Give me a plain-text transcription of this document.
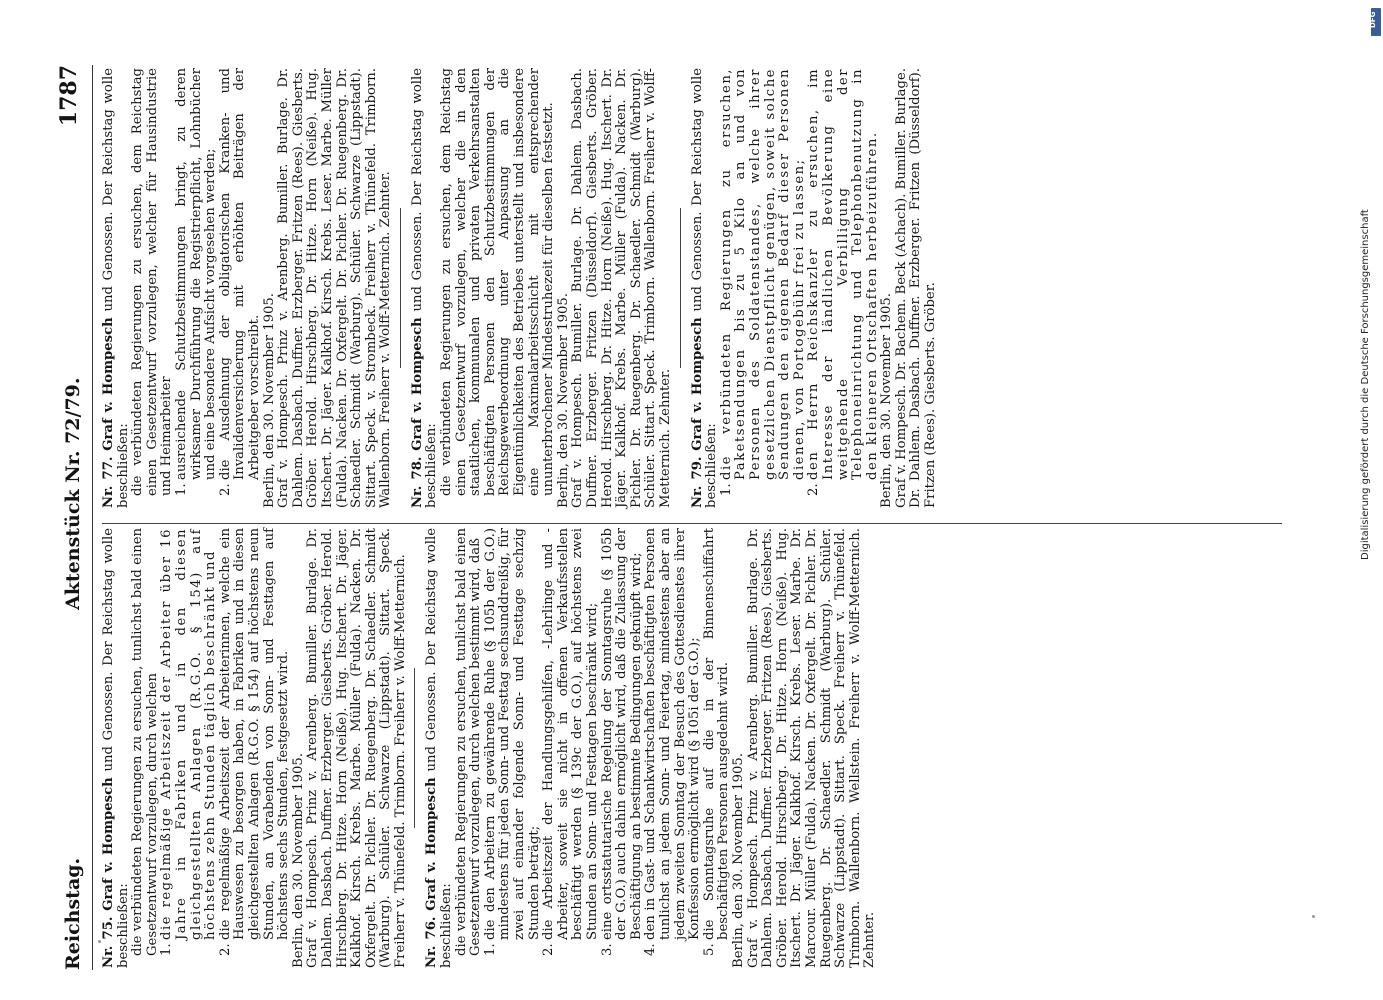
Reichstag.
Aktenstück Nr. 72/79.
1787

Nr. 75. Graf v. Hompesch und Genossen. Der Reichstag wolle beschließen: die verbündeten Regierungen zu ersuchen, tunlichst bald einen Gesetzentwurf vorzulegen, durch welchen 1.
die regelmäßige Arbeitszeit der Arbeiter über 16 Jahre in Fabriken und in den diesen gleichgestellten Anlagen (R.G.O. § 154) auf höchstens zehn Stunden täglich beschränkt und
2.
die regelmäßige Arbeitszeit der Arbeiterinnen, welche ein Hauswesen zu besorgen haben, in Fabriken und in diesen gleichgestellten Anlagen (R.G.O. § 154) auf höchstens neun Stunden, an Vorabenden von Sonn- und Festtagen auf höchstens sechs Stunden, festgesetzt wird. Berlin, den 30. November 1905. Graf v. Hompesch. Prinz v. Arenberg. Bumiller. Burlage. Dr. Dahlem. Dasbach. Duffner. Erzberger. Giesberts. Gröber. Herold. Hirschberg. Dr. Hitze. Horn (Neiße). Hug. Itschert. Dr. Jäger. Kalkhof. Kirsch. Krebs. Marbe. Müller (Fulda). Nacken. Dr. Oxfergelt. Dr. Pichler. Dr. Ruegenberg. Dr. Schaedler. Schmidt (Warburg). Schüler. Schwarze (Lippstadt). Sittart. Speck. Freiherr v. Thünefeld. Trimborn. Freiherr v. Wolff-Metternich. Nr. 76. Graf v. Hompesch und Genossen. Der Reichstag wolle beschließen: die verbündeten Regierungen zu ersuchen, tunlichst bald einen Gesetzentwurf vorzulegen, durch welchen bestimmt wird, daß 1.
die den Arbeitern zu gewährende Ruhe (§ 105b der G.O.) mindestens für jeden Sonn- und Festtag sechsunddreißig, für zwei auf einander folgende Sonn- und Festtage sechzig Stunden beträgt;
2.
die Arbeitszeit der Handlungsgehilfen, -Lehrlinge und -Arbeiter, soweit sie nicht in offenen Verkaufsstellen beschäftigt werden (§ 139c der G.O.), auf höchstens zwei Stunden an Sonn- und Festtagen beschränkt wird;
3.
eine ortsstatutarische Regelung der Sonntagsruhe (§ 105b der G.O.) auch dahin ermöglicht wird, daß die Zulassung der Beschäftigung an bestimmte Bedingungen geknüpft wird;
4.
den in Gast- und Schankwirtschaften beschäftigten Personen tunlichst an jedem Sonn- und Feiertag, mindestens aber an jedem zweiten Sonntag der Besuch des Gottesdienstes ihrer Konfession ermöglicht wird (§ 105i der G.O.);
5.
die Sonntagsruhe auf die in der Binnenschiffahrt beschäftigten Personen ausgedehnt wird. Berlin, den 30. November 1905. Graf v. Hompesch. Prinz v. Arenberg. Bumiller. Burlage. Dr. Dahlem. Dasbach. Duffner. Erzberger. Fritzen (Rees). Giesberts. Gröber. Herold. Hirschberg. Dr. Hitze. Horn (Neiße). Hug. Itschert. Dr. Jäger. Kalkhof. Kirsch. Krebs. Leser. Marbe. Dr. Marcour. Müller (Fulda). Nacken. Dr. Oxfergelt. Dr. Pichler. Dr. Ruegenberg. Dr. Schaedler. Schmidt (Warburg). Schüler. Schwarze (Lippstadt). Sittart. Speck. Freiherr v. Thünefeld. Trimborn. Wallenborn. Wellstein. Freiherr v. Wolff-Metternich. Zehnter.

Nr. 77. Graf v. Hompesch und Genossen. Der Reichstag wolle beschließen: die verbündeten Regierungen zu ersuchen, dem Reichstag einen Gesetzentwurf vorzulegen, welcher für Hausindustrie und Heimarbeiter 1.
ausreichende Schutzbestimmungen bringt, zu deren wirksamer Durchführung die Registrierpflicht, Lohnbücher und eine besondere Aufsicht vorgesehen werden;
2.
die Ausdehnung der obligatorischen Kranken- und Invalidenversicherung mit erhöhten Beiträgen der Arbeitgeber vorschreibt. Berlin, den 30. November 1905. Graf v. Hompesch. Prinz v. Arenberg. Bumiller. Burlage. Dr. Dahlem. Dasbach. Duffner. Erzberger. Fritzen (Rees). Giesberts. Gröber. Herold. Hirschberg. Dr. Hitze. Horn (Neiße). Hug. Itschert. Dr. Jäger. Kalkhof. Kirsch. Krebs. Leser. Marbe. Müller (Fulda). Nacken. Dr. Oxfergelt. Dr. Pichler. Dr. Ruegenberg. Dr. Schaedler. Schmidt (Warburg). Schüler. Schwarze (Lippstadt). Sittart. Speck. v. Strombeck. Freiherr v. Thünefeld. Trimborn. Wallenborn. Freiherr v. Wolff-Metternich. Zehnter. Nr. 78. Graf v. Hompesch und Genossen. Der Reichstag wolle beschließen: die verbündeten Regierungen zu ersuchen, dem Reichstag einen Gesetzentwurf vorzulegen, welcher die in den staatlichen, kommunalen und privaten Verkehrsanstalten beschäftigten Personen den Schutzbestimmungen der Reichsgewerbeordnung unter Anpassung an die Eigentümlichkeiten des Betriebes unterstellt und insbesondere eine Maximalarbeitsschicht mit entsprechender ununterbrochener Mindestruhezeit für dieselben festsetzt. Berlin, den 30. November 1905. Graf v. Hompesch. Bumiller. Burlage. Dr. Dahlem. Dasbach. Duffner. Erzberger. Fritzen (Düsseldorf). Giesberts. Gröber. Herold. Hirschberg. Dr. Hitze. Horn (Neiße). Hug. Itschert. Dr. Jäger. Kalkhof. Krebs. Marbe. Müller (Fulda). Nacken. Dr. Pichler. Dr. Ruegenberg. Dr. Schaedler. Schmidt (Warburg). Schüler. Sittart. Speck. Trimborn. Wallenborn. Freiherr v. Wolff-Metternich. Zehnter. Nr. 79. Graf v. Hompesch und Genossen. Der Reichstag wolle beschließen: 1.
die verbündeten Regierungen zu ersuchen, Paketsendungen bis zu 5 Kilo an und von Personen des Soldatenstandes, welche ihrer gesetzlichen Dienstpflicht genügen, soweit solche Sendungen den eigenen Bedarf dieser Personen dienen, von Portogebühr frei zu lassen;
2.
den Herrn Reichskanzler zu ersuchen, im Interesse der ländlichen Bevölkerung eine weitgehende Verbilligung der Telephoneinrichtung und Telephonbenutzung in den kleineren Ortschaften herbeizuführen. Berlin, den 30. November 1905. Graf v. Hompesch. Dr. Bachem. Beck (Achach). Bumiller. Burlage. Dr. Dahlem. Dasbach. Duffner. Erzberger. Fritzen (Düsseldorf). Fritzen (Rees). Giesberts. Gröber.

DFG
Digitalisierung gefördert durch die Deutsche Forschungsgemeinschaft
